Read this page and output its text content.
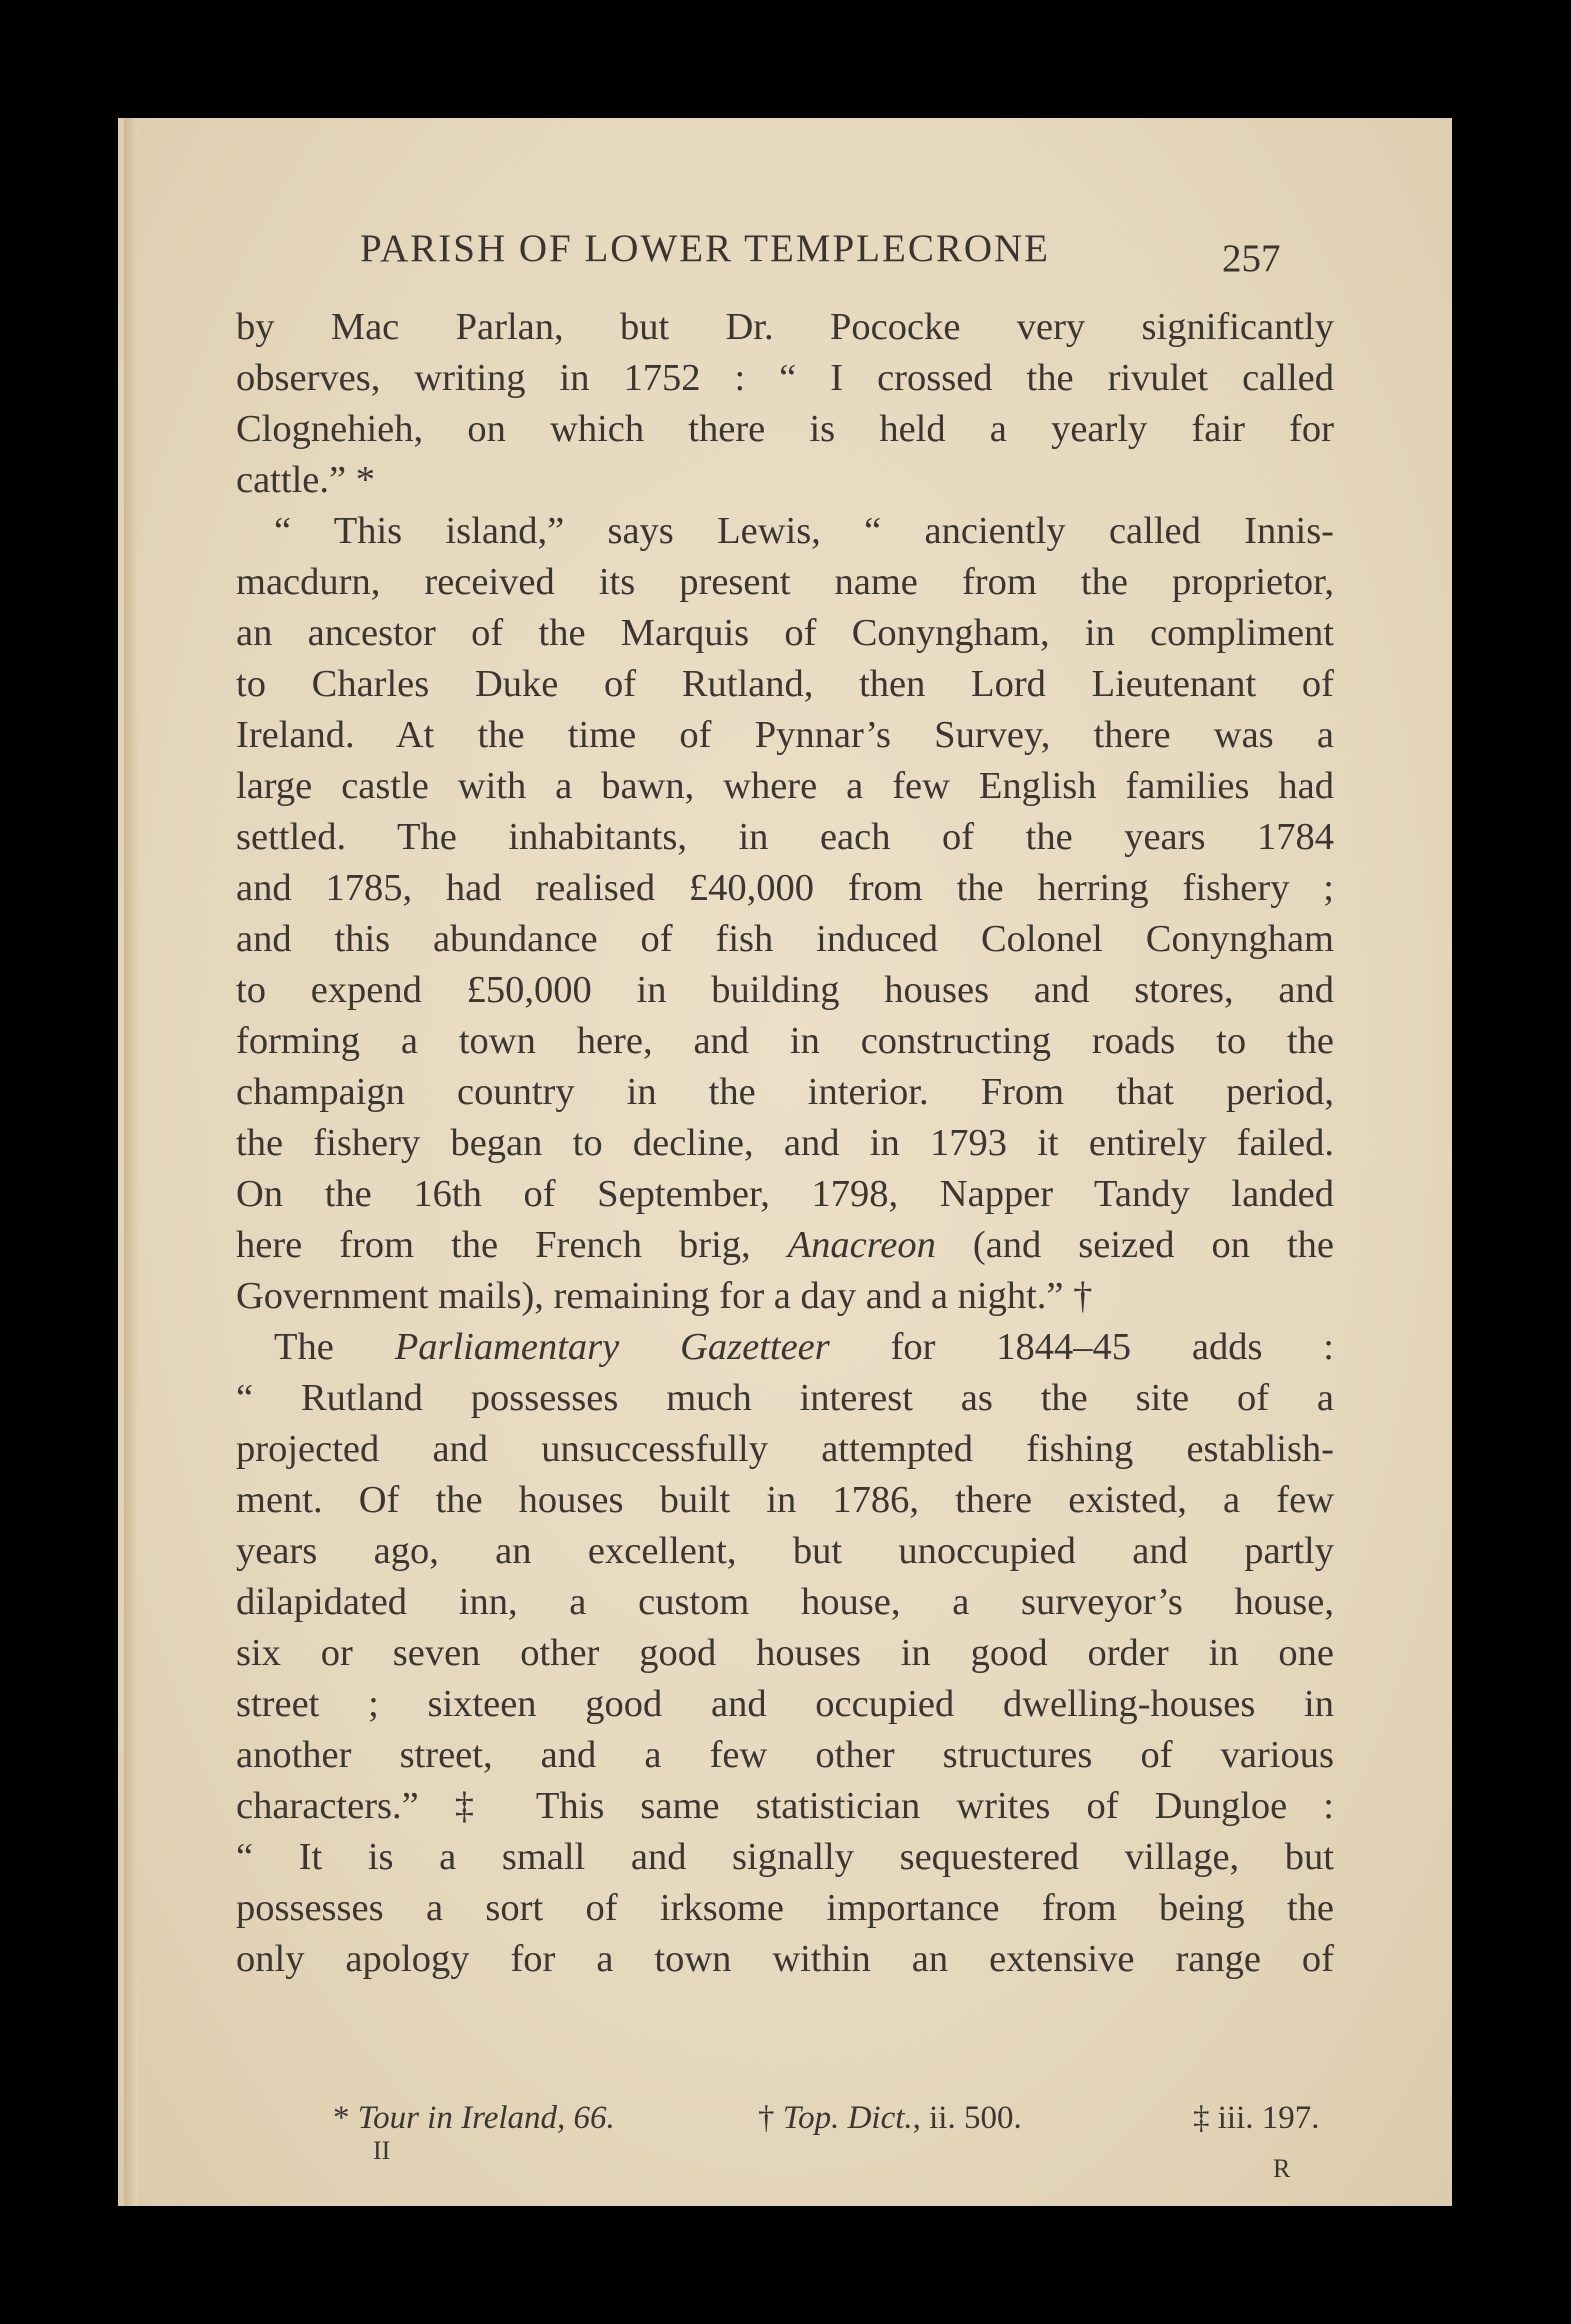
PARISH OF LOWER TEMPLECRONE	257
by Mac Parlan, but Dr. Pococke very significantly
observes, writing in 1752 : “ I crossed the rivulet called
Clognehieh, on which there is held a yearly fair for
cattle.” *
“ This island,” says Lewis, “ anciently called Innis-
macdurn, received its present name from the proprietor,
an ancestor of the Marquis of Conyngham, in compliment
to Charles Duke of Rutland, then Lord Lieutenant of
Ireland. At the time of Pynnar’s Survey, there was a
large castle with a bawn, where a few English families had
settled. The inhabitants, in each of the years 1784
and 1785, had realised £40,000 from the herring fishery ;
and this abundance of fish induced Colonel Conyngham
to expend £50,000 in building houses and stores, and
forming a town here, and in constructing roads to the
champaign country in the interior. From that period,
the fishery began to decline, and in 1793 it entirely failed.
On the 16th of September, 1798, Napper Tandy landed
here from the French brig, Anacreon (and seized on the
Government mails), remaining for a day and a night.” †
The Parliamentary Gazetteer for 1844–45 adds :
“ Rutland possesses much interest as the site of a
projected and unsuccessfully attempted fishing establish-
ment. Of the houses built in 1786, there existed, a few
years ago, an excellent, but unoccupied and partly
dilapidated inn, a custom house, a surveyor’s house,
six or seven other good houses in good order in one
street ; sixteen good and occupied dwelling-houses in
another street, and a few other structures of various
characters.” ‡ This same statistician writes of Dungloe :
“ It is a small and signally sequestered village, but
possesses a sort of irksome importance from being the
only apology for a town within an extensive range of
* Tour in Ireland, 66.	† Top. Dict., ii. 500.	‡ iii. 197.
II
R
